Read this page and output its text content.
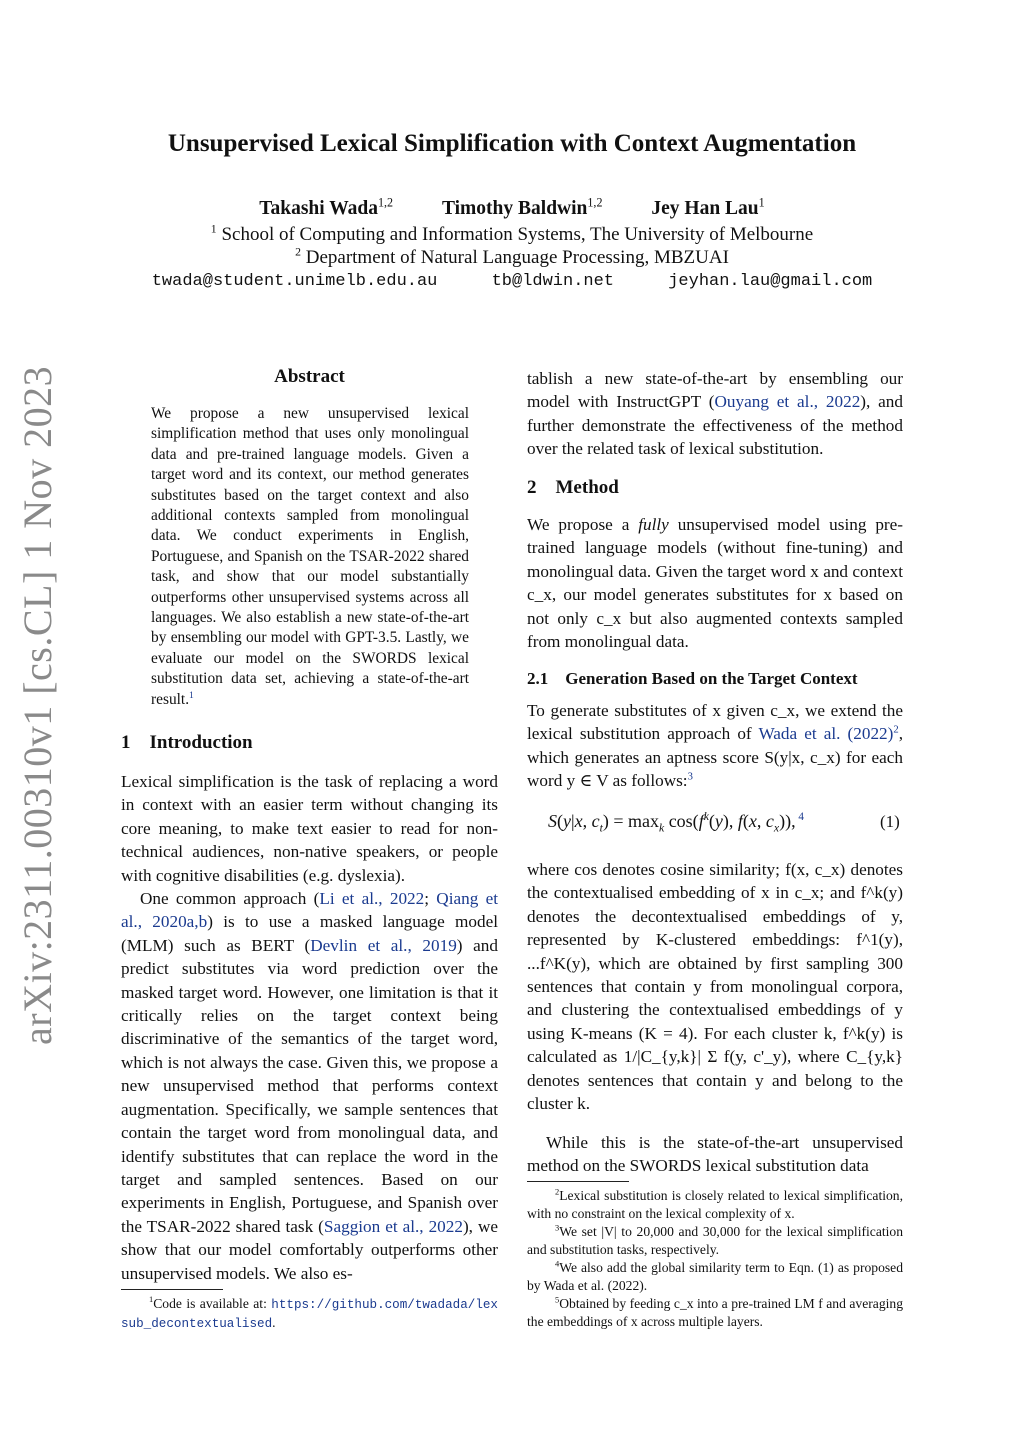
arXiv:2311.00310v1 [cs.CL] 1 Nov 2023
Unsupervised Lexical Simplification with Context Augmentation
Takashi Wada$^{1,2}$	Timothy Baldwin$^{1,2}$	Jey Han Lau$^1$
$^1$ School of Computing and Information Systems, The University of Melbourne
$^2$ Department of Natural Language Processing, MBZUAI
twada@student.unimelb.edu.au	tb@ldwin.net	jeyhan.lau@gmail.com
Abstract
We propose a new unsupervised lexical simplification method that uses only monolingual data and pre-trained language models. Given a target word and its context, our method generates substitutes based on the target context and also additional contexts sampled from monolingual data. We conduct experiments in English, Portuguese, and Spanish on the TSAR-2022 shared task, and show that our model substantially outperforms other unsupervised systems across all languages. We also establish a new state-of-the-art by ensembling our model with GPT-3.5. Lastly, we evaluate our model on the SWORDS lexical substitution data set, achieving a state-of-the-art result.$^1$
1 Introduction

Lexical simplification is the task of replacing a word in context with an easier term without changing its core meaning, to make text easier to read for non-technical audiences, non-native speakers, or people with cognitive disabilities (e.g. dyslexia).

One common approach (Li et al., 2022; Qiang et al., 2020a,b) is to use a masked language model (MLM) such as BERT (Devlin et al., 2019) and predict substitutes via word prediction over the masked target word. However, one limitation is that it critically relies on the target context being discriminative of the semantics of the target word, which is not always the case. Given this, we propose a new unsupervised method that performs context augmentation. Specifically, we sample sentences that contain the target word from monolingual data, and identify substitutes that can replace the word in the target and sampled sentences. Based on our experiments in English, Portuguese, and Spanish over the TSAR-2022 shared task (Saggion et al., 2022), we show that our model comfortably outperforms other unsupervised models. We also es-

$^1$Code is available at: https://github.com/twadada/lexsub_decontextualised.

tablish a new state-of-the-art by ensembling our model with InstructGPT (Ouyang et al., 2022), and further demonstrate the effectiveness of the method over the related task of lexical substitution.

2 Method

We propose a fully unsupervised model using pre-trained language models (without fine-tuning) and monolingual data. Given the target word x and context c_x, our model generates substitutes for x based on not only c_x but also augmented contexts sampled from monolingual data.

2.1 Generation Based on the Target Context

To generate substitutes of x given c_x, we extend the lexical substitution approach of Wada et al. $(2022)^2$, which generates an aptness score S(y|x, c_x) for each word y ∈ V as follows:$^3$

S(y|x, $c_t) = \max_k \cos(f^k(y)$, f(x, $c_x$)), $^4$	(1)

where cos denotes cosine similarity; f(x, c_x) denotes the contextualised embedding of x in c_x; and f^k(y) denotes the decontextualised embeddings of y, represented by K-clustered embeddings: f^1(y), ...f^K(y), which are obtained by first sampling 300 sentences that contain y from monolingual corpora, and clustering the contextualised embeddings of y using K-means (K = 4). For each cluster k, f^k(y) is calculated as 1/|C_{y,k}| Σ f(y, c'_y), where C_{y,k} denotes sentences that contain y and belong to the cluster k.

While this is the state-of-the-art unsupervised method on the SWORDS lexical substitution data

$^2$Lexical substitution is closely related to lexical simplification, with no constraint on the lexical complexity of x.
$^3$We set |V| to 20,000 and 30,000 for the lexical simplification and substitution tasks, respectively.
$^4$We also add the global similarity term to Eqn. (1) as proposed by Wada et al. (2022).
$^5$Obtained by feeding c_x into a pre-trained LM f and averaging the embeddings of x across multiple layers.
